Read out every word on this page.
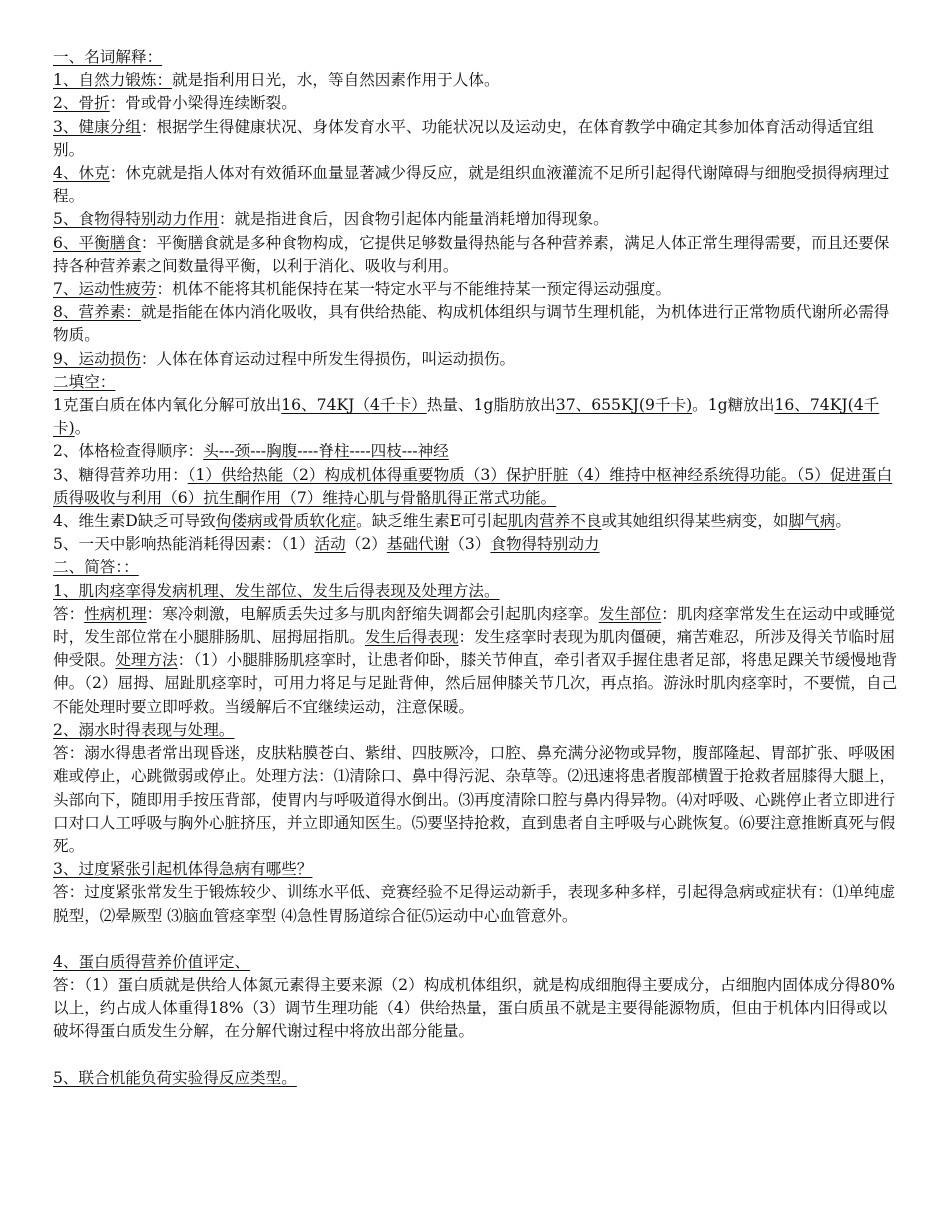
一、名词解释：
1、自然力锻炼：就是指利用日光，水，等自然因素作用于人体。
2、骨折：骨或骨小梁得连续断裂。
3、健康分组：根据学生得健康状况、身体发育水平、功能状况以及运动史，在体育教学中确定其参加体育活动得适宜组别。
4、休克：休克就是指人体对有效循环血量显著减少得反应，就是组织血液灌流不足所引起得代谢障碍与细胞受损得病理过程。
5、食物得特别动力作用：就是指进食后，因食物引起体内能量消耗增加得现象。
6、平衡膳食：平衡膳食就是多种食物构成，它提供足够数量得热能与各种营养素，满足人体正常生理得需要，而且还要保持各种营养素之间数量得平衡，以利于消化、吸收与利用。
7、运动性疲劳：机体不能将其机能保持在某一特定水平与不能维持某一预定得运动强度。
8、营养素：就是指能在体内消化吸收，具有供给热能、构成机体组织与调节生理机能，为机体进行正常物质代谢所必需得物质。
9、运动损伤：人体在体育运动过程中所发生得损伤，叫运动损伤。
二填空：
1克蛋白质在体内氧化分解可放出16、74KJ（4千卡）热量、1g脂肪放出37、655KJ(9千卡)。1g糖放出16、74KJ(4千卡)。
2、体格检查得顺序：头---颈---胸腹----脊柱----四枝---神经
3、糖得营养功用：（1）供给热能（2）构成机体得重要物质（3）保护肝脏（4）维持中枢神经系统得功能。（5）促进蛋白质得吸收与利用（6）抗生酮作用（7）维持心肌与骨骼肌得正常式功能。
4、维生素D缺乏可导致佝偻病或骨质软化症。缺乏维生素E可引起肌肉营养不良或其她组织得某些病变，如脚气病。
5、一天中影响热能消耗得因素：（1）活动（2）基础代谢（3）食物得特别动力
二、简答：：
1、肌肉痉挛得发病机理、发生部位、发生后得表现及处理方法。
答：性病机理：寒冷刺激，电解质丢失过多与肌肉舒缩失调都会引起肌肉痉挛。发生部位：肌肉痉挛常发生在运动中或睡觉时，发生部位常在小腿腓肠肌、屈拇屈指肌。发生后得表现：发生痉挛时表现为肌肉僵硬，痛苦难忍，所涉及得关节临时屈伸受限。处理方法：（1）小腿腓肠肌痉挛时，让患者仰卧，膝关节伸直，牵引者双手握住患者足部，将患足踝关节缓慢地背伸。（2）屈拇、屈趾肌痉挛时，可用力将足与足趾背伸，然后屈伸膝关节几次，再点掐。游泳时肌肉痉挛时，不要慌，自己不能处理时要立即呼救。当缓解后不宜继续运动，注意保暖。
2、溺水时得表现与处理。
答：溺水得患者常出现昏迷，皮肤粘膜苍白、紫绀、四肢厥冷，口腔、鼻充满分泌物或异物，腹部隆起、胃部扩张、呼吸困难或停止，心跳微弱或停止。处理方法：⑴清除口、鼻中得污泥、杂草等。⑵迅速将患者腹部横置于抢救者屈膝得大腿上，头部向下，随即用手按压背部，使胃内与呼吸道得水倒出。⑶再度清除口腔与鼻内得异物。⑷对呼吸、心跳停止者立即进行口对口人工呼吸与胸外心脏挤压，并立即通知医生。⑸要坚持抢救，直到患者自主呼吸与心跳恢复。⑹要注意推断真死与假死。
3、过度紧张引起机体得急病有哪些？
答：过度紧张常发生于锻炼较少、训练水平低、竞赛经验不足得运动新手，表现多种多样，引起得急病或症状有：⑴单纯虚脱型，⑵晕厥型 ⑶脑血管痉挛型 ⑷急性胃肠道综合征⑸运动中心血管意外。
4、蛋白质得营养价值评定、
答：（1）蛋白质就是供给人体氮元素得主要来源（2）构成机体组织，就是构成细胞得主要成分，占细胞内固体成分得80%以上，约占成人体重得18%（3）调节生理功能（4）供给热量，蛋白质虽不就是主要得能源物质，但由于机体内旧得或以破坏得蛋白质发生分解，在分解代谢过程中将放出部分能量。
5、联合机能负荷实验得反应类型。
